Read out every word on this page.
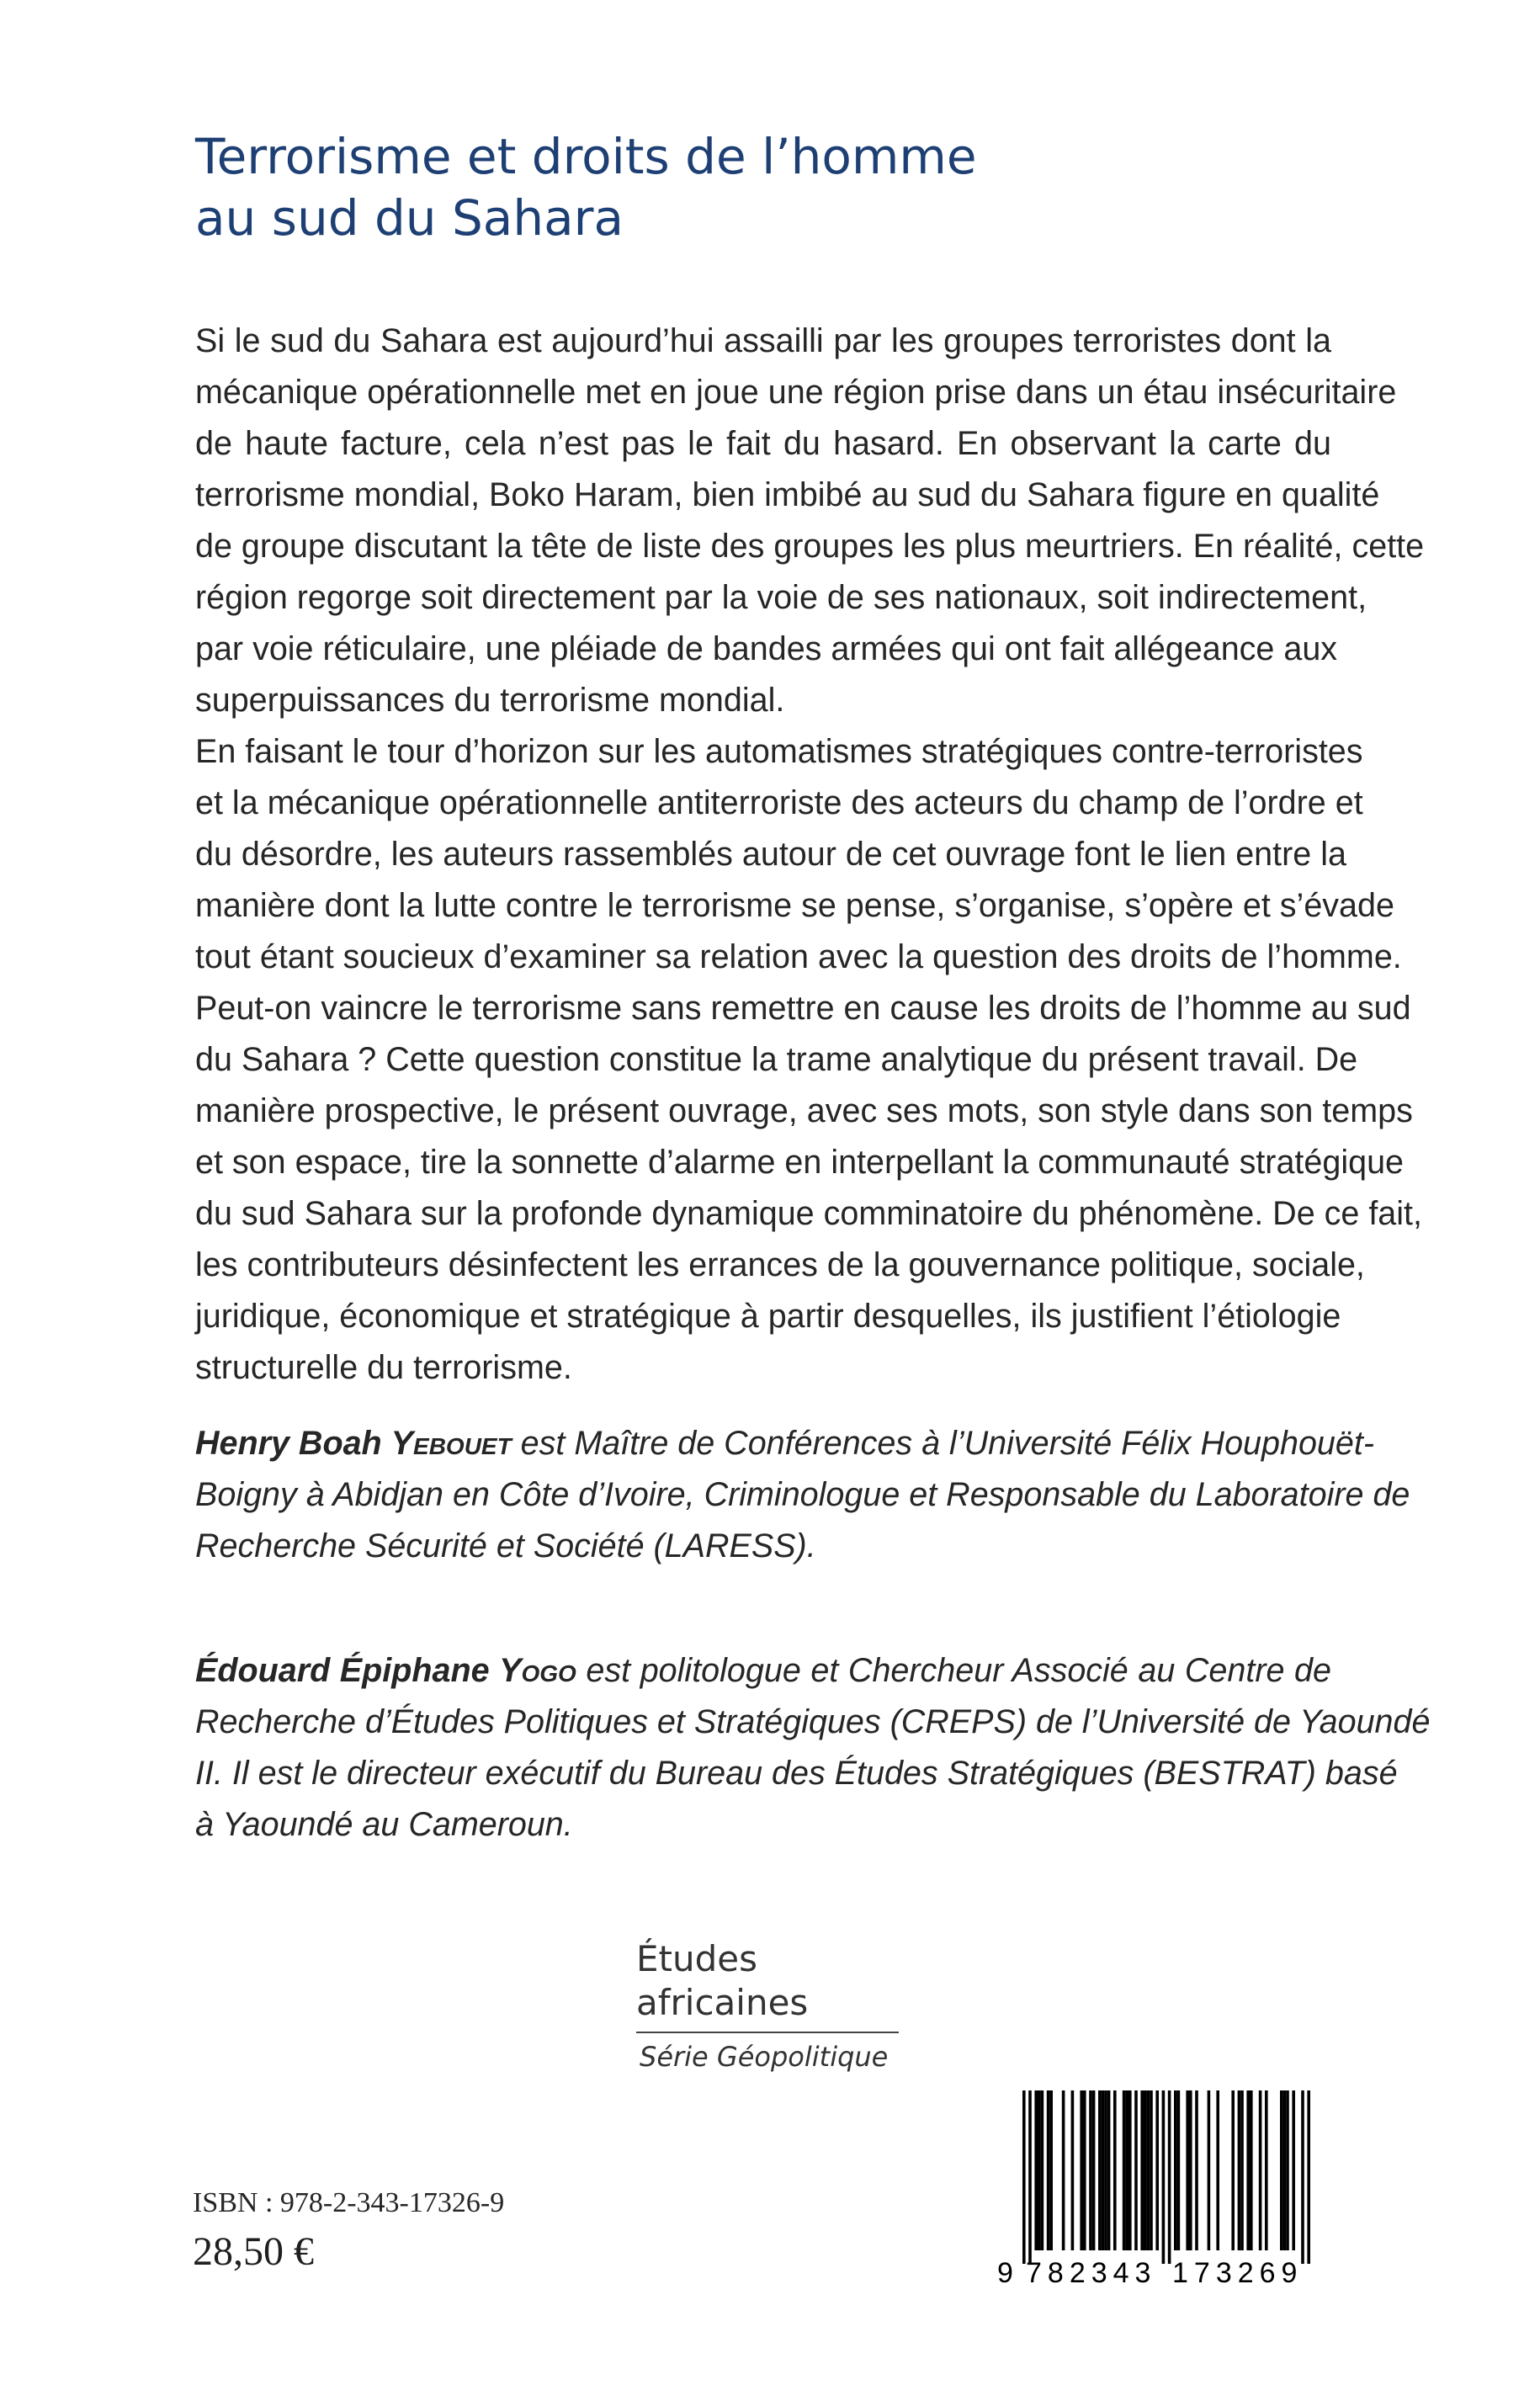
Terrorisme et droits de l’homme
au sud du Sahara

Si le sud du Sahara est aujourd’hui assailli par les groupes terroristes dont la
mécanique opérationnelle met en joue une région prise dans un étau insécuritaire
de haute facture, cela n’est pas le fait du hasard. En observant la carte du
terrorisme mondial, Boko Haram, bien imbibé au sud du Sahara figure en qualité
de groupe discutant la tête de liste des groupes les plus meurtriers. En réalité, cette
région regorge soit directement par la voie de ses nationaux, soit indirectement,
par voie réticulaire, une pléiade de bandes armées qui ont fait allégeance aux
superpuissances du terrorisme mondial.

En faisant le tour d’horizon sur les automatismes stratégiques contre-terroristes
et la mécanique opérationnelle antiterroriste des acteurs du champ de l’ordre et
du désordre, les auteurs rassemblés autour de cet ouvrage font le lien entre la
manière dont la lutte contre le terrorisme se pense, s’organise, s’opère et s’évade
tout étant soucieux d’examiner sa relation avec la question des droits de l’homme.
Peut-on vaincre le terrorisme sans remettre en cause les droits de l’homme au sud
du Sahara ? Cette question constitue la trame analytique du présent travail. De
manière prospective, le présent ouvrage, avec ses mots, son style dans son temps
et son espace, tire la sonnette d’alarme en interpellant la communauté stratégique
du sud Sahara sur la profonde dynamique comminatoire du phénomène. De ce fait,
les contributeurs désinfectent les errances de la gouvernance politique, sociale,
juridique, économique et stratégique à partir desquelles, ils justifient l’étiologie
structurelle du terrorisme.

Henry Boah Yebouet est Maître de Conférences à l’Université Félix Houphouët-
Boigny à Abidjan en Côte d’Ivoire, Criminologue et Responsable du Laboratoire de
Recherche Sécurité et Société (LARESS).
Édouard Épiphane Yogo est politologue et Chercheur Associé au Centre de
Recherche d’Études Politiques et Stratégiques (CREPS) de l’Université de Yaoundé
II. Il est le directeur exécutif du Bureau des Études Stratégiques (BESTRAT) basé
à Yaoundé au Cameroun.
Études africaines
Série Géopolitique
ISBN : 978-2-343-17326-9
28,50 €	9 782343 173269
